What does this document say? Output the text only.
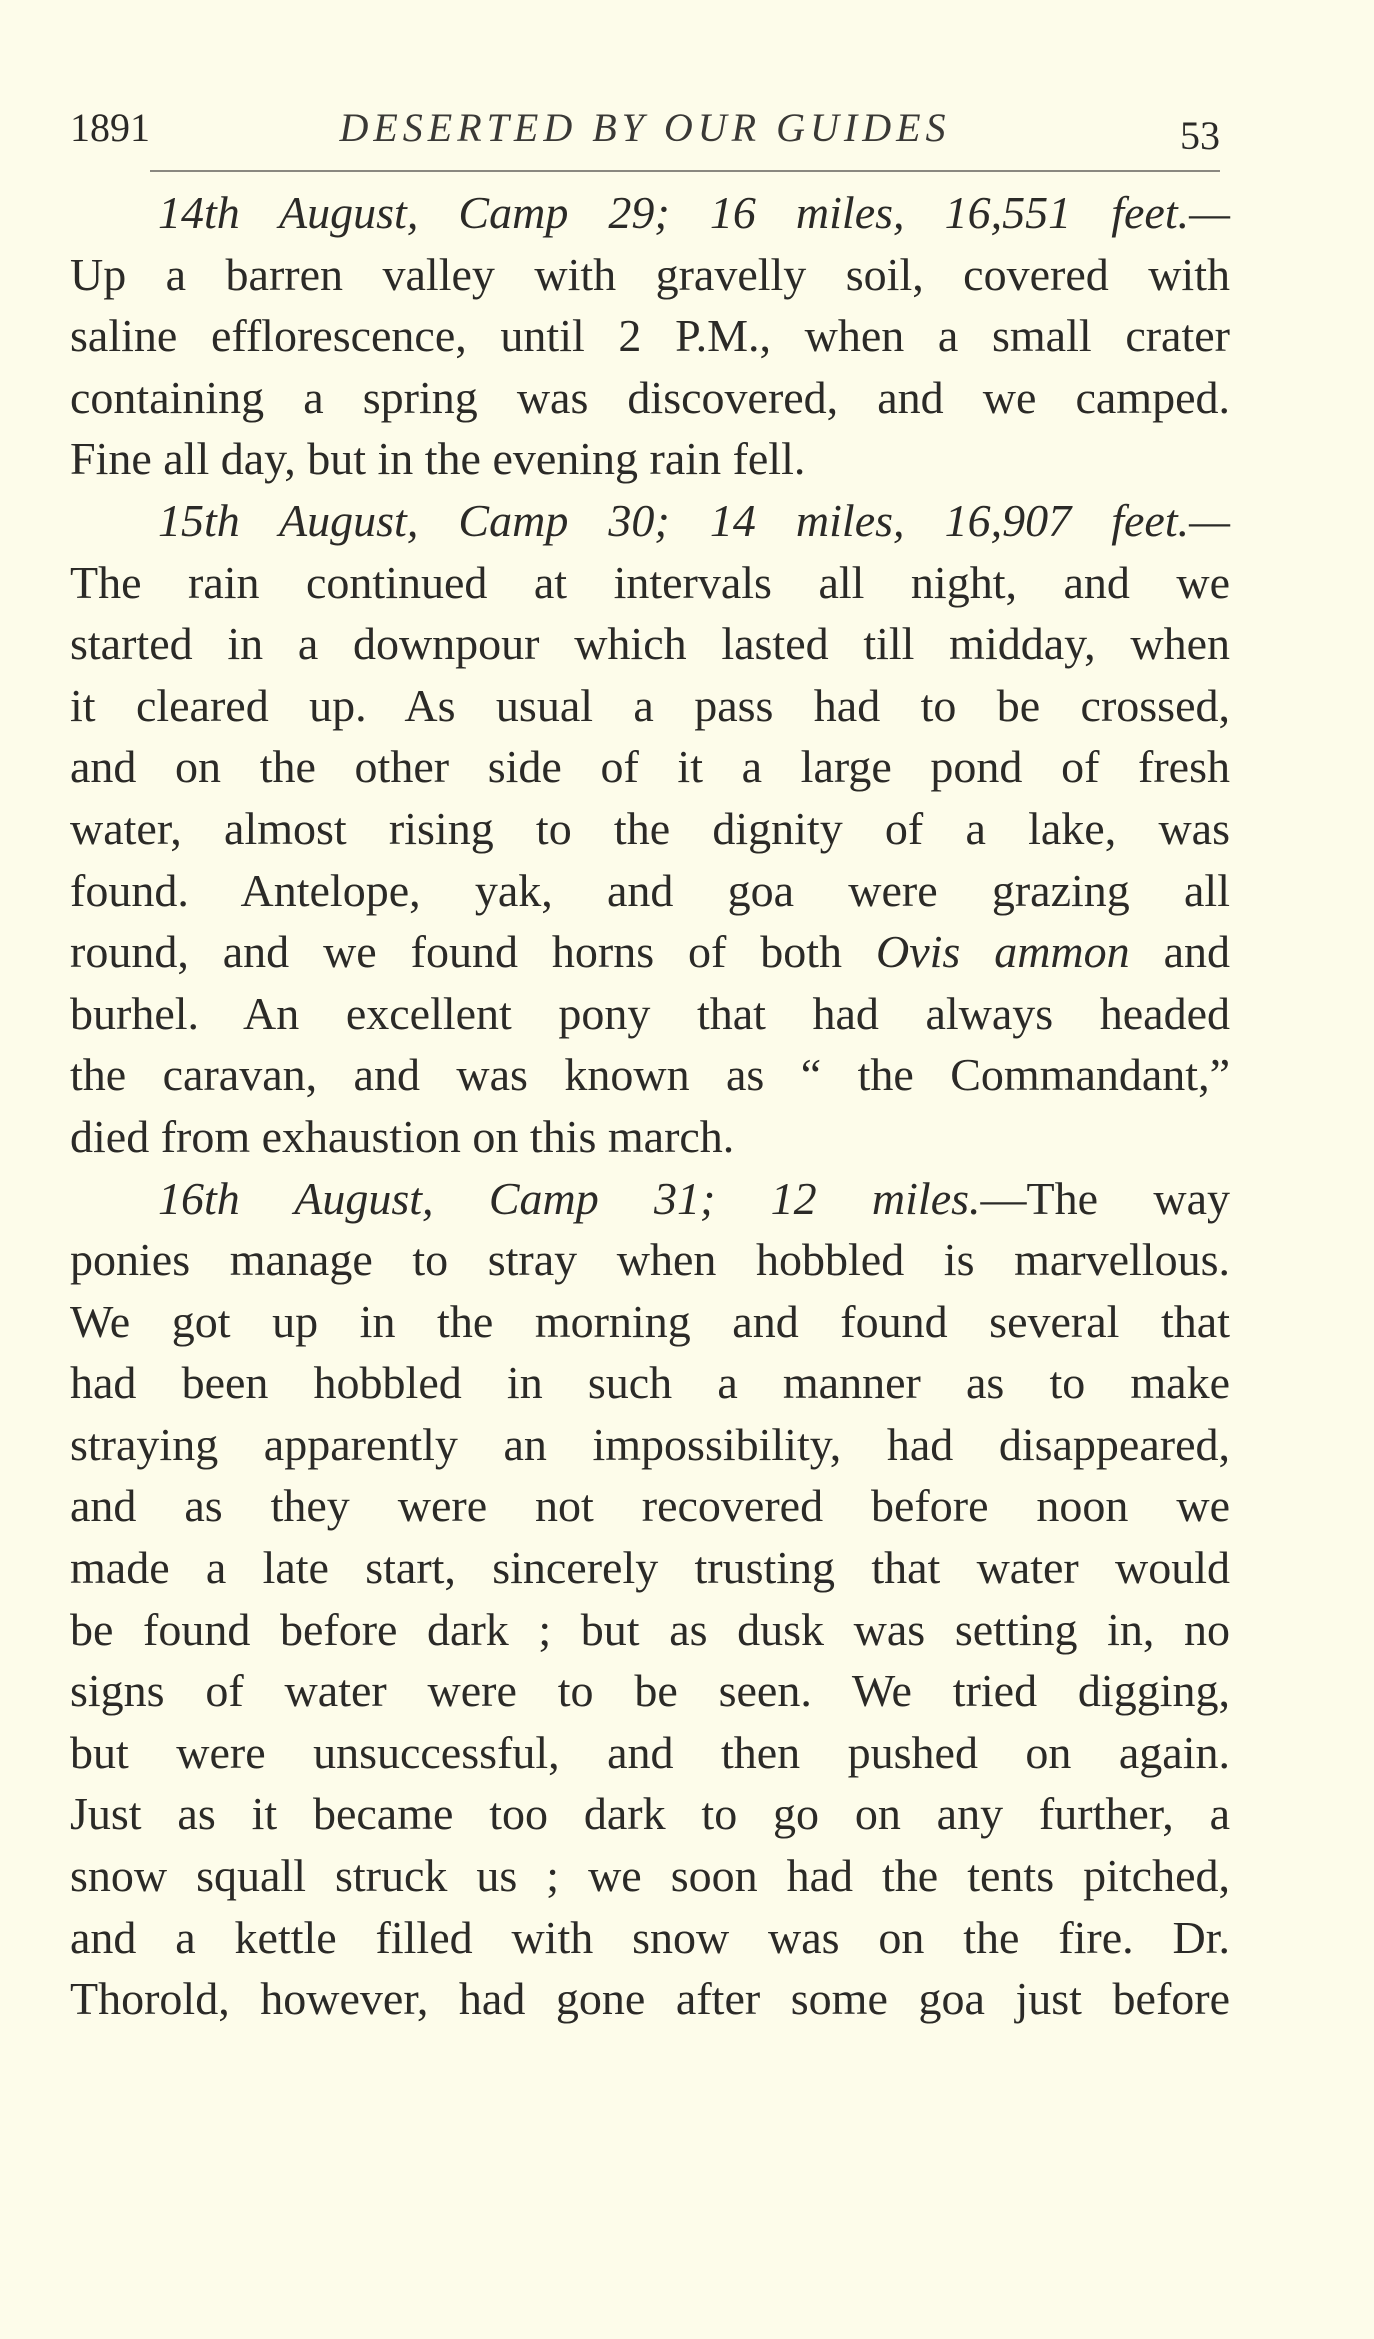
1891	DESERTED BY OUR GUIDES	53
14th August, Camp 29; 16 miles, 16,551 feet.—
Up a barren valley with gravelly soil, covered with
saline efflorescence, until 2 P.M., when a small crater
containing a spring was discovered, and we camped.
Fine all day, but in the evening rain fell.
15th August, Camp 30; 14 miles, 16,907 feet.—
The rain continued at intervals all night, and we
started in a downpour which lasted till midday, when
it cleared up. As usual a pass had to be crossed,
and on the other side of it a large pond of fresh
water, almost rising to the dignity of a lake, was
found. Antelope, yak, and goa were grazing all
round, and we found horns of both Ovis ammon and
burhel. An excellent pony that had always headed
the caravan, and was known as “ the Commandant,”
died from exhaustion on this march.
16th August, Camp 31; 12 miles.—The way
ponies manage to stray when hobbled is marvellous.
We got up in the morning and found several that
had been hobbled in such a manner as to make
straying apparently an impossibility, had disappeared,
and as they were not recovered before noon we
made a late start, sincerely trusting that water would
be found before dark ; but as dusk was setting in, no
signs of water were to be seen. We tried digging,
but were unsuccessful, and then pushed on again.
Just as it became too dark to go on any further, a
snow squall struck us ; we soon had the tents pitched,
and a kettle filled with snow was on the fire. Dr.
Thorold, however, had gone after some goa just before
